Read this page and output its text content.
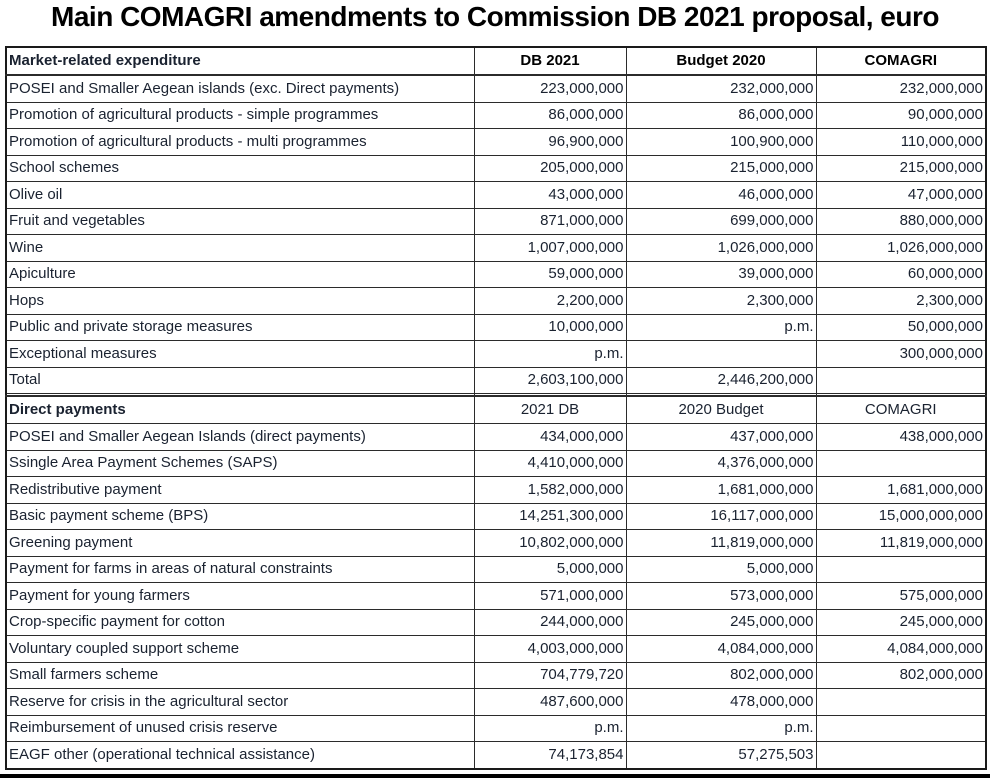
Main COMAGRI amendments to Commission DB 2021 proposal, euro
Market-related expenditure	DB 2021	Budget 2020	COMAGRI
POSEI and Smaller Aegean islands (exc. Direct payments)	223,000,000	232,000,000	232,000,000
Promotion of agricultural products - simple programmes	86,000,000	86,000,000	90,000,000
Promotion of agricultural products - multi programmes	96,900,000	100,900,000	110,000,000
School schemes	205,000,000	215,000,000	215,000,000
Olive oil	43,000,000	46,000,000	47,000,000
Fruit and vegetables	871,000,000	699,000,000	880,000,000
Wine	1,007,000,000	1,026,000,000	1,026,000,000
Apiculture	59,000,000	39,000,000	60,000,000
Hops	2,200,000	2,300,000	2,300,000
Public and private storage measures	10,000,000	p.m.	50,000,000
Exceptional measures	p.m.		300,000,000
Total	2,603,100,000	2,446,200,000	

Direct payments	2021 DB	2020 Budget	COMAGRI
POSEI and Smaller Aegean Islands (direct payments)	434,000,000	437,000,000	438,000,000
Ssingle Area Payment Schemes (SAPS)	4,410,000,000	4,376,000,000	
Redistributive payment	1,582,000,000	1,681,000,000	1,681,000,000
Basic payment scheme (BPS)	14,251,300,000	16,117,000,000	15,000,000,000
Greening payment	10,802,000,000	11,819,000,000	11,819,000,000
Payment for farms in areas of natural constraints	5,000,000	5,000,000	
Payment for young farmers	571,000,000	573,000,000	575,000,000
Crop-specific payment for cotton	244,000,000	245,000,000	245,000,000
Voluntary coupled support scheme	4,003,000,000	4,084,000,000	4,084,000,000
Small farmers scheme	704,779,720	802,000,000	802,000,000
Reserve for crisis in the agricultural sector	487,600,000	478,000,000	
Reimbursement of unused crisis reserve	p.m.	p.m.	
EAGF other (operational technical assistance)	74,173,854	57,275,503	
